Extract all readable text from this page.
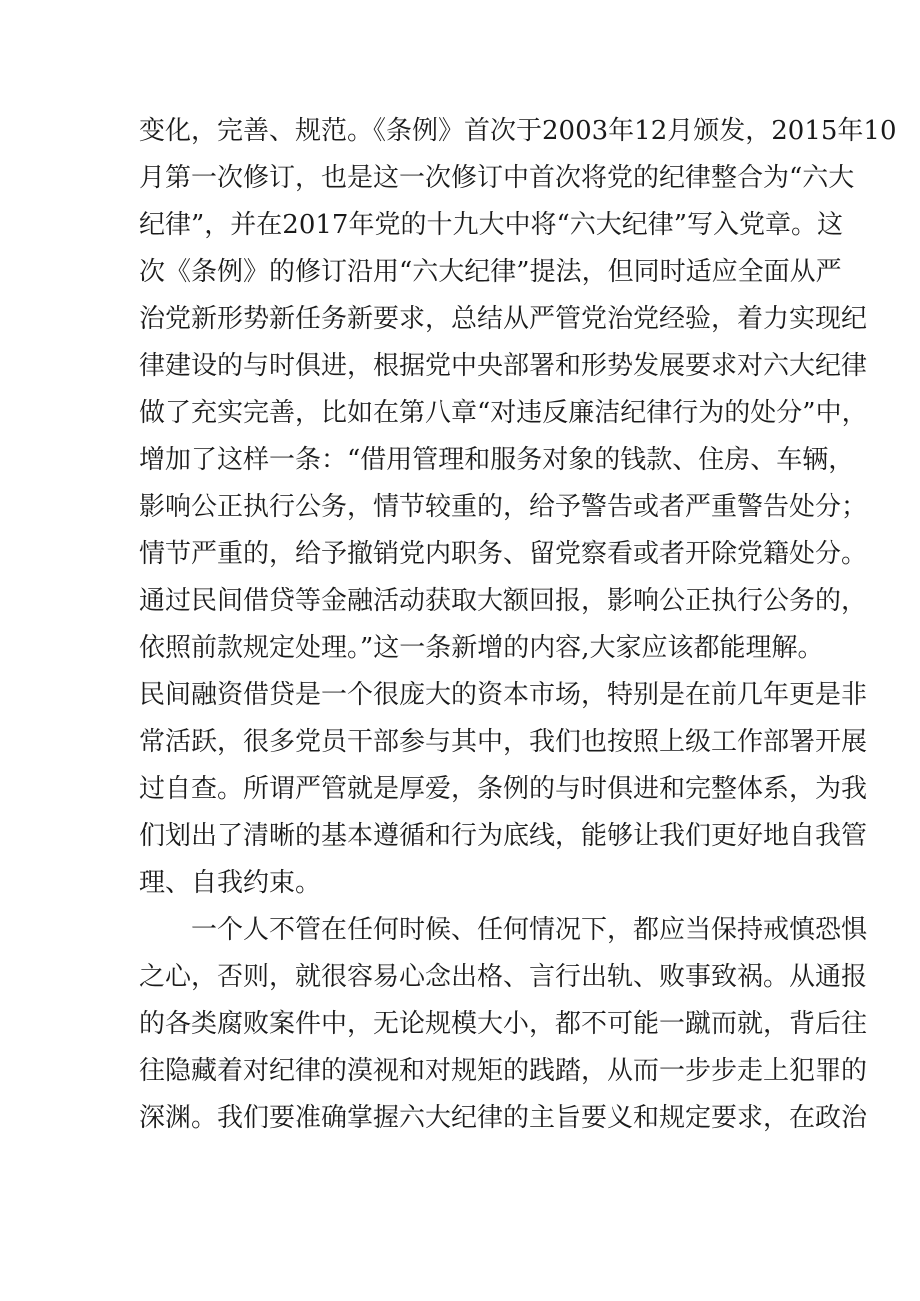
变化，完善、规范。《条例》首次于2003年12月颁发，2015年10
月第一次修订，也是这一次修订中首次将党的纪律整合为“六大
纪律”，并在2017年党的十九大中将“六大纪律”写入党章。这
次《条例》的修订沿用“六大纪律”提法，但同时适应全面从严
治党新形势新任务新要求，总结从严管党治党经验，着力实现纪
律建设的与时俱进，根据党中央部署和形势发展要求对六大纪律
做了充实完善，比如在第八章“对违反廉洁纪律行为的处分”中，
增加了这样一条：“借用管理和服务对象的钱款、住房、车辆，
影响公正执行公务，情节较重的，给予警告或者严重警告处分；
情节严重的，给予撤销党内职务、留党察看或者开除党籍处分。
通过民间借贷等金融活动获取大额回报，影响公正执行公务的，
依照前款规定处理。”这一条新增的内容,大家应该都能理解。
民间融资借贷是一个很庞大的资本市场，特别是在前几年更是非
常活跃，很多党员干部参与其中，我们也按照上级工作部署开展
过自查。所谓严管就是厚爱，条例的与时俱进和完整体系，为我
们划出了清晰的基本遵循和行为底线，能够让我们更好地自我管
理、自我约束。
一个人不管在任何时候、任何情况下，都应当保持戒慎恐惧
之心，否则，就很容易心念出格、言行出轨、败事致祸。从通报
的各类腐败案件中，无论规模大小，都不可能一蹴而就，背后往
往隐藏着对纪律的漠视和对规矩的践踏，从而一步步走上犯罪的
深渊。我们要准确掌握六大纪律的主旨要义和规定要求，在政治
